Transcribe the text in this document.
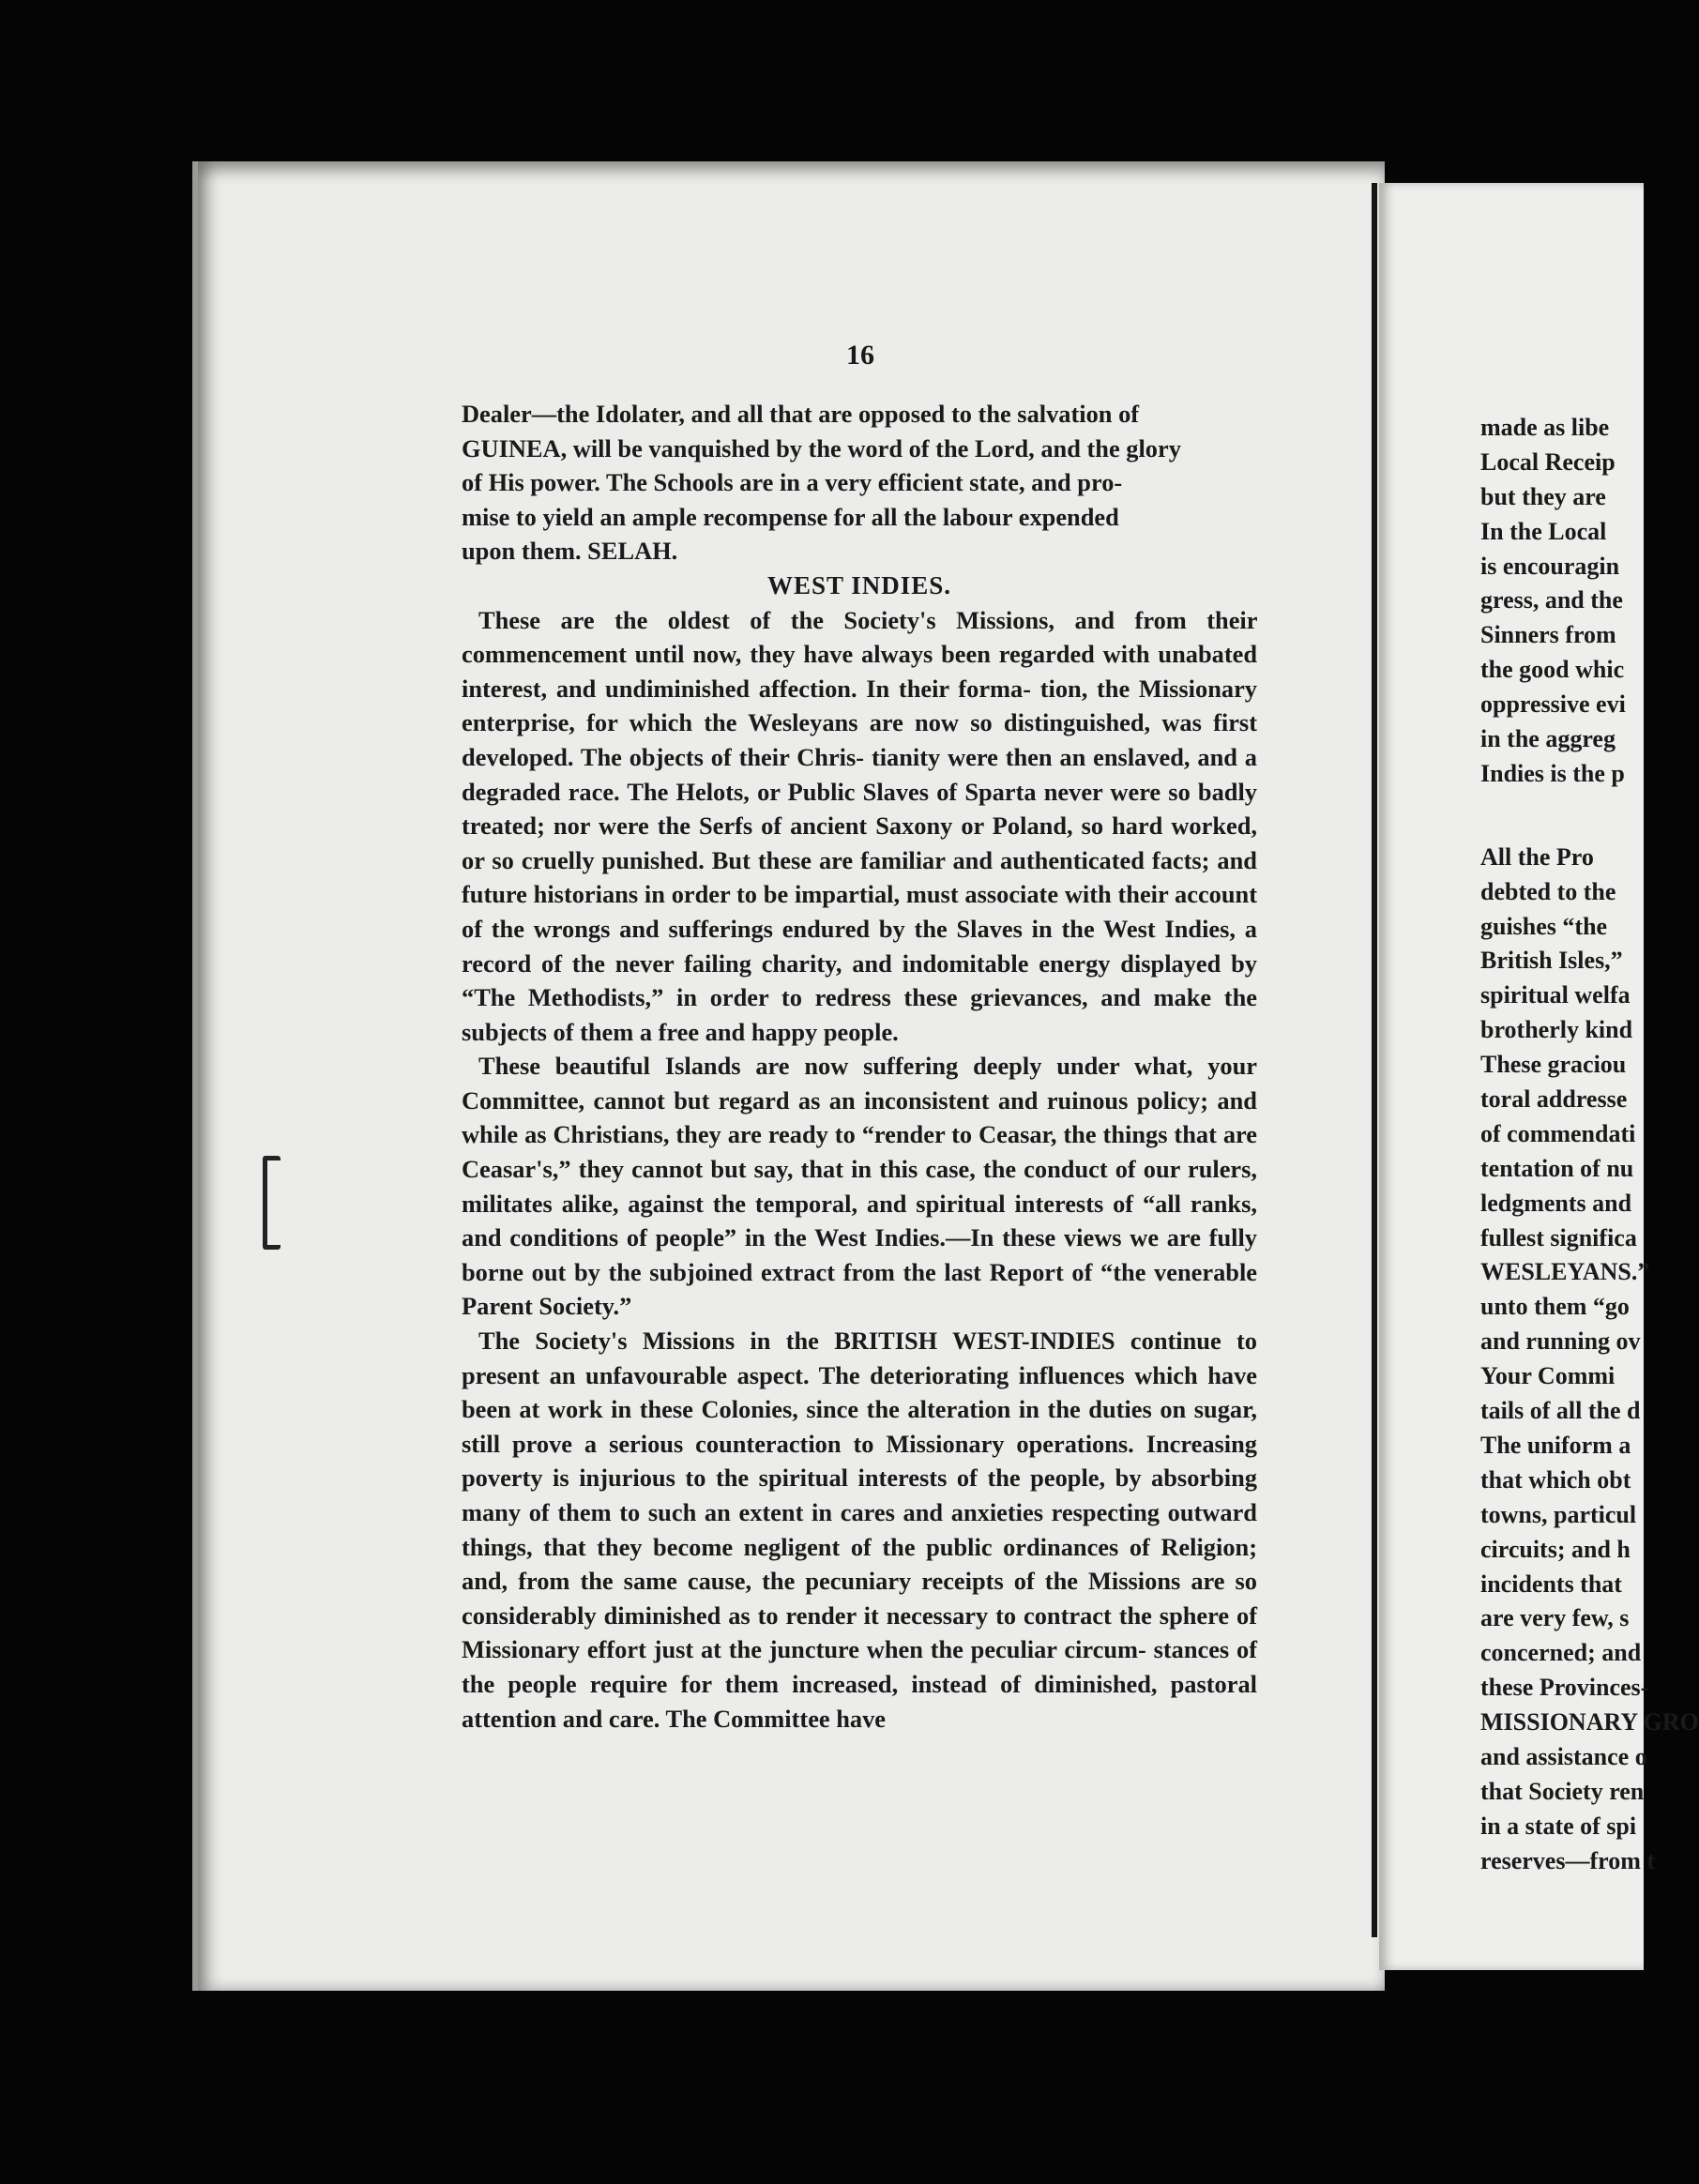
16

Dealer—the Idolater, and all that are opposed to the salvation of
GUINEA, will be vanquished by the word of the Lord, and the glory
of His power. The Schools are in a very efficient state, and pro-
mise to yield an ample recompense for all the labour expended
upon them. SELAH.

WEST INDIES.

These are the oldest of the Society's Missions, and from their commencement until now, they have always been regarded with unabated interest, and undiminished affection. In their forma- tion, the Missionary enterprise, for which the Wesleyans are now so distinguished, was first developed. The objects of their Chris- tianity were then an enslaved, and a degraded race. The Helots, or Public Slaves of Sparta never were so badly treated; nor were the Serfs of ancient Saxony or Poland, so hard worked, or so cruelly punished. But these are familiar and authenticated facts; and future historians in order to be impartial, must associate with their account of the wrongs and sufferings endured by the Slaves in the West Indies, a record of the never failing charity, and indomitable energy displayed by “The Methodists,” in order to redress these grievances, and make the subjects of them a free and happy people.

These beautiful Islands are now suffering deeply under what, your Committee, cannot but regard as an inconsistent and ruinous policy; and while as Christians, they are ready to “render to Ceasar, the things that are Ceasar's,” they cannot but say, that in this case, the conduct of our rulers, militates alike, against the temporal, and spiritual interests of “all ranks, and conditions of people” in the West Indies.—In these views we are fully borne out by the subjoined extract from the last Report of “the venerable Parent Society.”

The Society's Missions in the BRITISH WEST-INDIES continue to present an unfavourable aspect. The deteriorating influences which have been at work in these Colonies, since the alteration in the duties on sugar, still prove a serious counteraction to Missionary operations. Increasing poverty is injurious to the spiritual interests of the people, by absorbing many of them to such an extent in cares and anxieties respecting outward things, that they become negligent of the public ordinances of Religion; and, from the same cause, the pecuniary receipts of the Missions are so considerably diminished as to render it necessary to contract the sphere of Missionary effort just at the juncture when the peculiar circum- stances of the people require for them increased, instead of diminished, pastoral attention and care. The Committee have

made as libe
Local Receip
but they are
In the Local
is encouragin
gress, and the
Sinners from
the good whic
oppressive evi
in the aggreg
Indies is the p
All the Pro
debted to the
guishes “the
British Isles,”
spiritual welfa
brotherly kind
These graciou
toral addresse
of commendati
tentation of nu
ledgments and
fullest significa
WESLEYANS.”
unto them “go
and running ov
Your Commi
tails of all the d
The uniform a
that which obt
towns, particul
circuits; and h
incidents that
are very few, s
concerned; and
these Provinces-
MISSIONARY GRO
and assistance o
that Society ren
in a state of spi
reserves—from t
